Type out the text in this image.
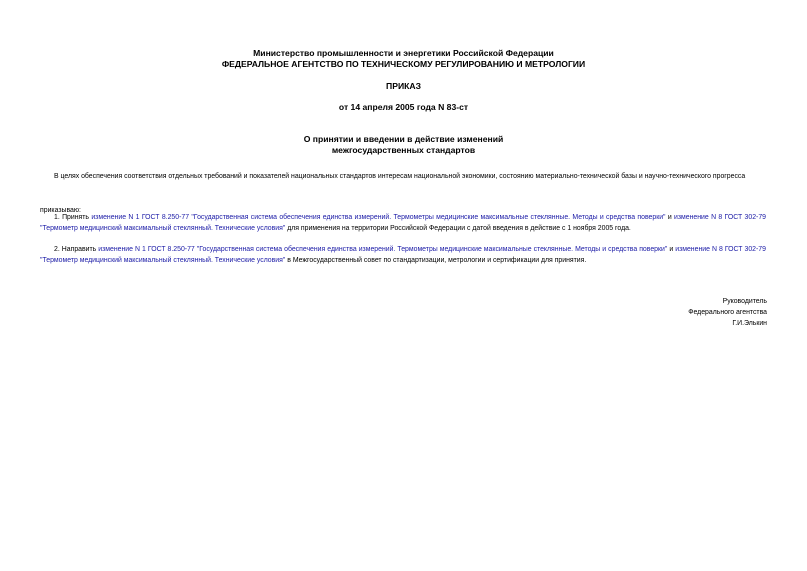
Министерство промышленности и энергетики Российской Федерации
ФЕДЕРАЛЬНОЕ АГЕНТСТВО ПО ТЕХНИЧЕСКОМУ РЕГУЛИРОВАНИЮ И МЕТРОЛОГИИ
ПРИКАЗ
от 14 апреля 2005 года N 83-ст
О принятии и введении в действие изменений
межгосударственных стандартов
В целях обеспечения соответствия отдельных требований и показателей национальных стандартов интересам национальной экономики, состоянию материально-технической базы и научно-технического прогресса
приказываю:
1. Принять изменение N 1 ГОСТ 8.250-77 "Государственная система обеспечения единства измерений. Термометры медицинские максимальные стеклянные. Методы и средства поверки" и изменение N 8 ГОСТ 302-79 "Термометр медицинский максимальный стеклянный. Технические условия" для применения на территории Российской Федерации с датой введения в действие с 1 ноября 2005 года.
2. Направить изменение N 1 ГОСТ 8.250-77 "Государственная система обеспечения единства измерений. Термометры медицинские максимальные стеклянные. Методы и средства поверки" и изменение N 8 ГОСТ 302-79 "Термометр медицинский максимальный стеклянный. Технические условия" в Межгосударственный совет по стандартизации, метрологии и сертификации для принятия.
Руководитель
Федерального агентства
Г.И.Элькин
